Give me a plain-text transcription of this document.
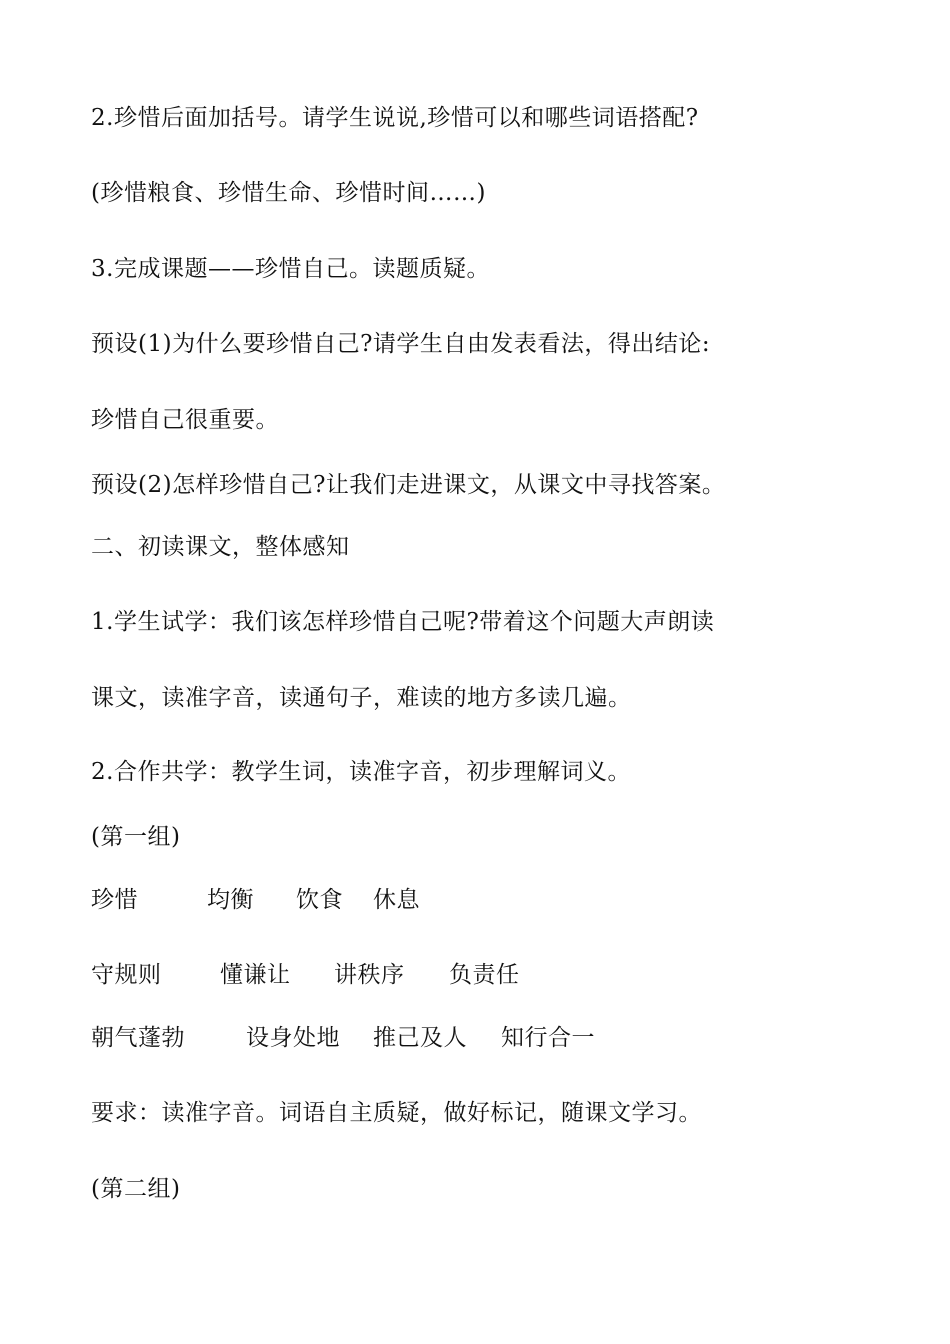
2.珍惜后面加括号。请学生说说,珍惜可以和哪些词语搭配?
(珍惜粮食、珍惜生命、珍惜时间……)
3.完成课题——珍惜自己。读题质疑。
预设(1)为什么要珍惜自己?请学生自由发表看法，得出结论:
珍惜自己很重要。
预设(2)怎样珍惜自己?让我们走进课文，从课文中寻找答案。
二、初读课文，整体感知
1.学生试学：我们该怎样珍惜自己呢?带着这个问题大声朗读
课文，读准字音，读通句子，难读的地方多读几遍。
2.合作共学：教学生词，读准字音，初步理解词义。
(第一组)
珍惜	均衡 饮食 休息
守规则	懂谦让 讲秩序 负责任
朝气蓬勃	设身处地 推己及人 知行合一
要求：读准字音。词语自主质疑，做好标记，随课文学习。
(第二组)
